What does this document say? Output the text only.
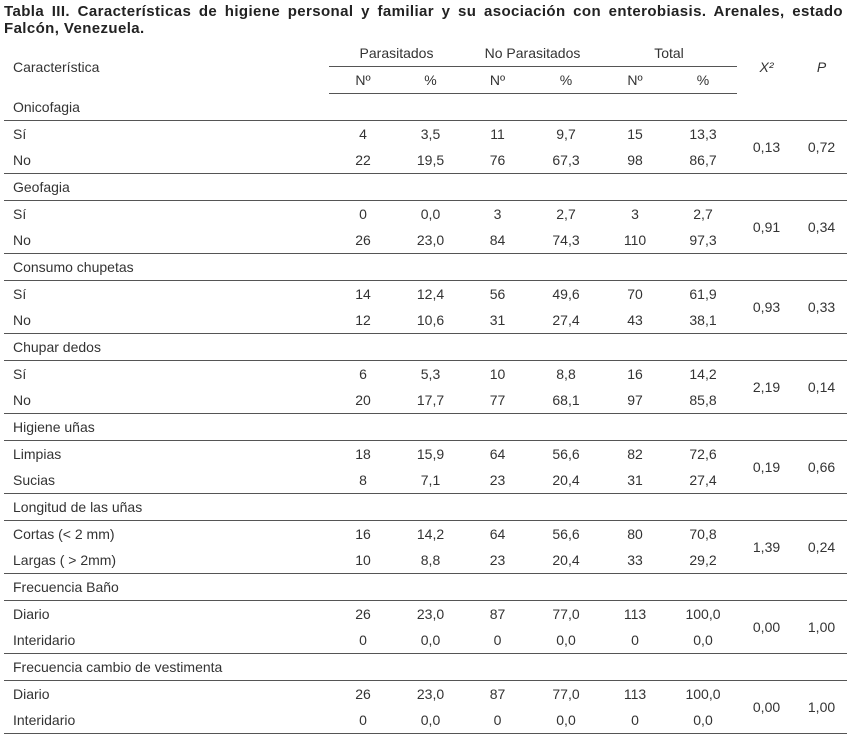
Tabla III. Características de higiene personal y familiar y su asociación con enterobiasis. Arenales, estado Falcón, Venezuela.
Característica	Parasitados		No Parasitados		Total		X²	P
	Nº	%	Nº	%	Nº	%		
Onicofagia								
Sí	4	3,5	11	9,7	15	13,3	0,13	0,72
No	22	19,5	76	67,3	98	86,7		
Geofagia								
Sí	0	0,0	3	2,7	3	2,7	0,91	0,34
No	26	23,0	84	74,3	110	97,3		
Consumo chupetas								
Sí	14	12,4	56	49,6	70	61,9	0,93	0,33
No	12	10,6	31	27,4	43	38,1		
Chupar dedos								
Sí	6	5,3	10	8,8	16	14,2	2,19	0,14
No	20	17,7	77	68,1	97	85,8		
Higiene uñas								
Limpias	18	15,9	64	56,6	82	72,6	0,19	0,66
Sucias	8	7,1	23	20,4	31	27,4		
Longitud de las uñas								
Cortas (< 2 mm)	16	14,2	64	56,6	80	70,8	1,39	0,24
Largas ( > 2mm)	10	8,8	23	20,4	33	29,2		
Frecuencia Baño								
Diario	26	23,0	87	77,0	113	100,0	0,00	1,00
Interidario	0	0,0	0	0,0	0	0,0		
Frecuencia cambio de vestimenta								
Diario	26	23,0	87	77,0	113	100,0	0,00	1,00
Interidario	0	0,0	0	0,0	0	0,0		
